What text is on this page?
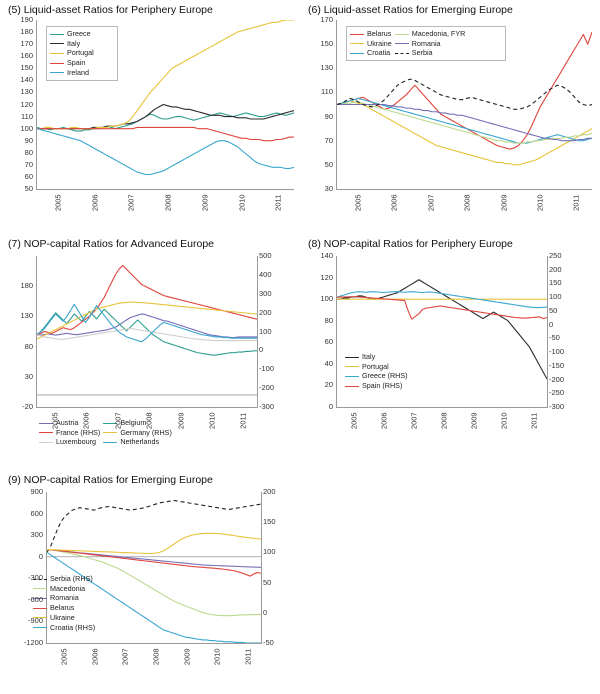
(5) Liquid-asset Ratios for Periphery Europe
Greece
Italy
Portugal
Spain
Ireland
50
60
70
80
90
100
110
120
130
140
150
160
170
180
190
2005	2006	2007	2008	2009	2010	2011
(6) Liquid-asset Ratios for Emerging Europe
Belarus	Macedonia, FYR
Ukraine	Romania
Croatia	Serbia
30
50
70
90
110
130
150
170
2005	2006	2007	2008	2009	2010	2011
(7) NOP-capital Ratios for Advanced Europe
Austria	Belgium
France (RHS)	Germany (RHS)
Luxembourg	Netherlands
-20
30
80
130
180
-300
-200
-100
0
100
200
300
400
500
2005	2006	2007	2008	2009	2010	2011
(8) NOP-capital Ratios for Periphery Europe
Italy
Portugal
Greece (RHS)
Spain (RHS)
0
20
40
60
80
100
120
140
-300
-250
-200
-150
-100
-50
0
50
100
150
200
250
2005	2006	2007	2008	2009	2010	2011
(9) NOP-capital Ratios for Emerging Europe
Serbia (RHS)
Macedonia
Romania
Belarus
Ukraine
Croatia (RHS)
-1200
-900
-600
-300
0
300
600
900
-50
0
50
100
150
200
2005	2006	2007	2008	2009	2010	2011
